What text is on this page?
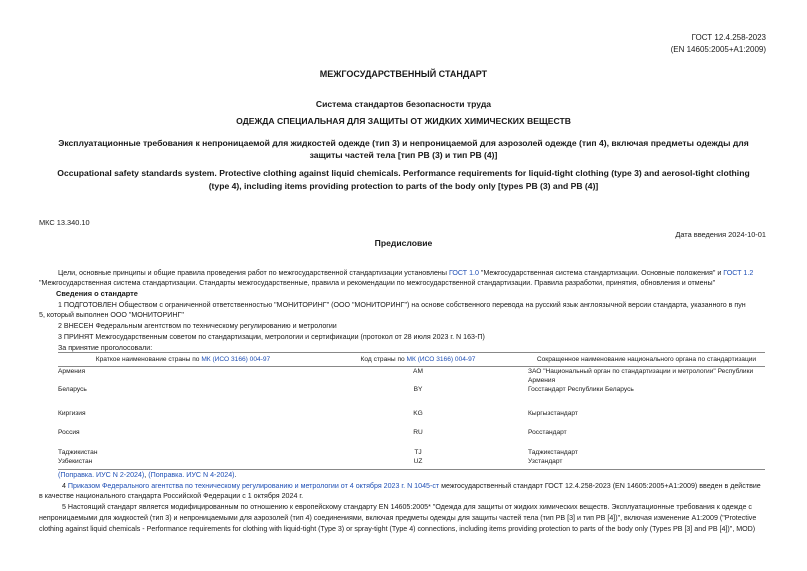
ГОСТ 12.4.258-2023
(EN 14605:2005+A1:2009)
МЕЖГОСУДАРСТВЕННЫЙ СТАНДАРТ
Система стандартов безопасности труда
ОДЕЖДА СПЕЦИАЛЬНАЯ ДЛЯ ЗАЩИТЫ ОТ ЖИДКИХ ХИМИЧЕСКИХ ВЕЩЕСТВ
Эксплуатационные требования к непроницаемой для жидкостей одежде (тип 3) и непроницаемой для аэрозолей одежде (тип 4), включая предметы одежды для
защиты частей тела [тип PB (3) и тип PB (4)]
Occupational safety standards system. Protective clothing against liquid chemicals. Performance requirements for liquid-tight clothing (type 3) and aerosol-tight clothing
(type 4), including items providing protection to parts of the body only [types PB (3) and PB (4)]
МКС 13.340.10
Дата введения 2024-10-01
Предисловие
Цели, основные принципы и общие правила проведения работ по межгосударственной стандартизации установлены ГОСТ 1.0 "Межгосударственная система стандартизации. Основные положения" и ГОСТ 1.2
"Межгосударственная система стандартизации. Стандарты межгосударственные, правила и рекомендации по межгосударственной стандартизации. Правила разработки, принятия, обновления и отмены"
Сведения о стандарте
1 ПОДГОТОВЛЕН Обществом с ограниченной ответственностью "МОНИТОРИНГ" (ООО "МОНИТОРИНГ") на основе собственного перевода на русский язык англоязычной версии стандарта, указанного в пун
5, который выполнен ООО "МОНИТОРИНГ"
2 ВНЕСЕН Федеральным агентством по техническому регулированию и метрологии
3 ПРИНЯТ Межгосударственным советом по стандартизации, метрологии и сертификации (протокол от 28 июля 2023 г. N 163-П)
За принятие проголосовали:
Краткое наименование страны по МК (ИСО 3166) 004-97	Код страны по МК (ИСО 3166) 004-97	Сокращенное наименование национального органа по стандартизации
Армения	AM	ЗАО "Национальный орган по стандартизации и метрологии" Республики Армения
Беларусь	BY	Госстандарт Республики Беларусь
Киргизия	KG	Кыргызстандарт
Россия	RU	Росстандарт
Таджикистан	TJ	Таджикстандарт
Узбекистан	UZ	Узстандарт
(Поправка. ИУС N 2-2024), (Поправка. ИУС N 4-2024).
4 Приказом Федерального агентства по техническому регулированию и метрологии от 4 октября 2023 г. N 1045-ст межгосударственный стандарт ГОСТ 12.4.258-2023 (EN 14605:2005+A1:2009) введен в действие
в качестве национального стандарта Российской Федерации с 1 октября 2024 г.
5 Настоящий стандарт является модифицированным по отношению к европейскому стандарту EN 14605:2005* "Одежда для защиты от жидких химических веществ. Эксплуатационные требования к одежде с
непроницаемыми для жидкостей (тип 3) и непроницаемыми для аэрозолей (тип 4) соединениями, включая предметы одежды для защиты частей тела (тип PB [3] и тип PB [4])", включая изменение A1:2009 ("Protective
clothing against liquid chemicals - Performance requirements for clothing with liquid-tight (Type 3) or spray-tight (Type 4) connections, including items providing protection to parts of the body only (Types PB [3] and PB [4])", MOD)
